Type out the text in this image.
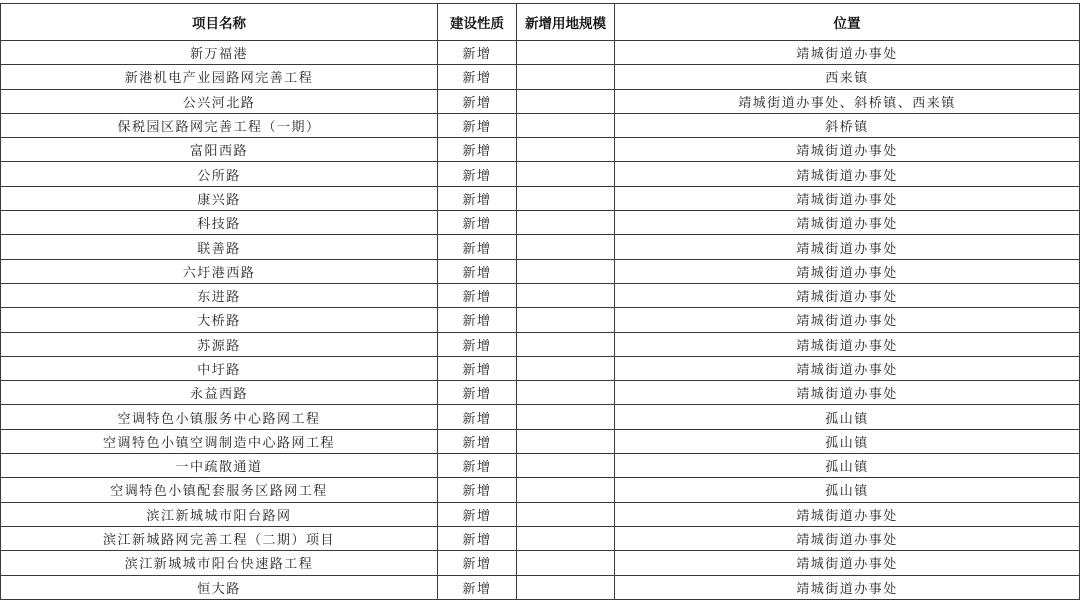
项目名称	建设性质	新增用地规模	位置
新万福港	新增		靖城街道办事处
新港机电产业园路网完善工程	新增		西来镇
公兴河北路	新增		靖城街道办事处、斜桥镇、西来镇
保税园区路网完善工程（一期）	新增		斜桥镇
富阳西路	新增		靖城街道办事处
公所路	新增		靖城街道办事处
康兴路	新增		靖城街道办事处
科技路	新增		靖城街道办事处
联善路	新增		靖城街道办事处
六圩港西路	新增		靖城街道办事处
东进路	新增		靖城街道办事处
大桥路	新增		靖城街道办事处
苏源路	新增		靖城街道办事处
中圩路	新增		靖城街道办事处
永益西路	新增		靖城街道办事处
空调特色小镇服务中心路网工程	新增		孤山镇
空调特色小镇空调制造中心路网工程	新增		孤山镇
一中疏散通道	新增		孤山镇
空调特色小镇配套服务区路网工程	新增		孤山镇
滨江新城城市阳台路网	新增		靖城街道办事处
滨江新城路网完善工程（二期）项目	新增		靖城街道办事处
滨江新城城市阳台快速路工程	新增		靖城街道办事处
恒大路	新增		靖城街道办事处
